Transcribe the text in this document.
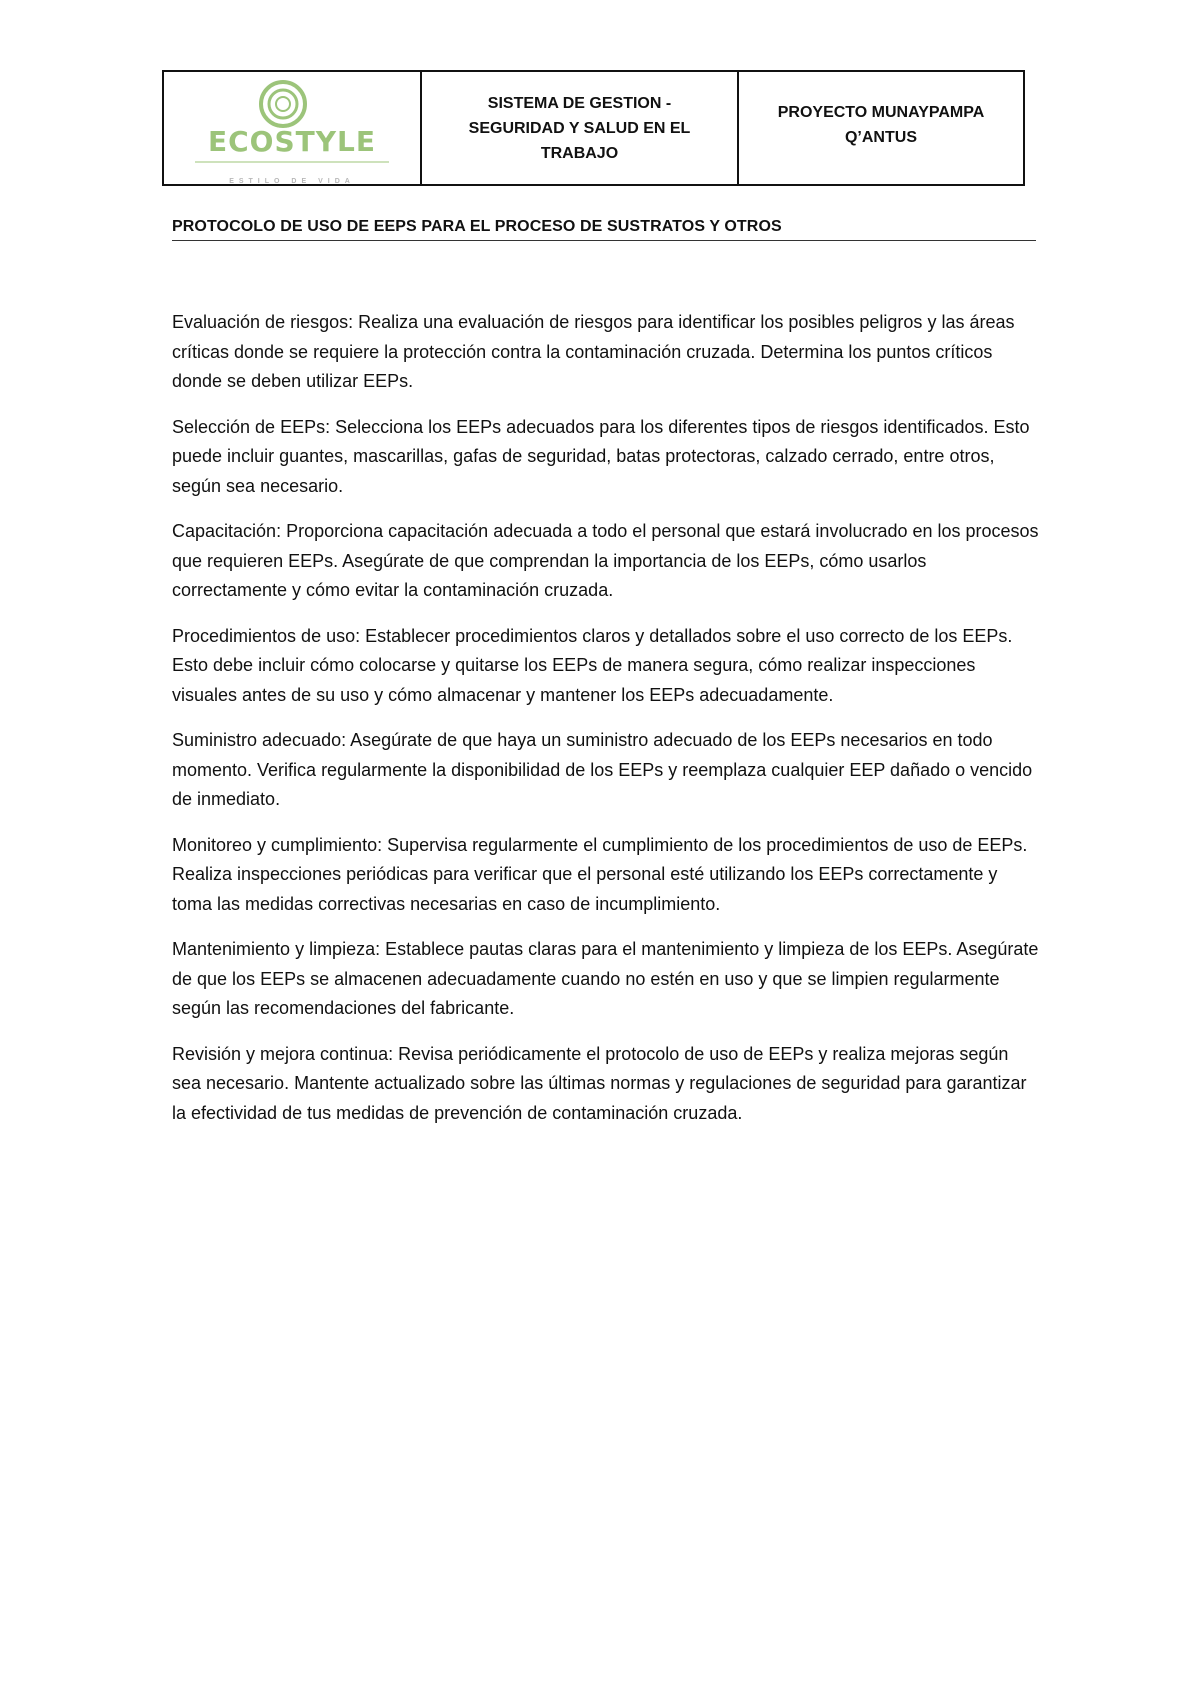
ECOSTYLE
ESTILO DE VIDA
SISTEMA DE GESTION -
SEGURIDAD Y SALUD EN EL
TRABAJO
PROYECTO MUNAYPAMPA
Q’ANTUS
PROTOCOLO DE USO DE EEPS PARA EL PROCESO DE SUSTRATOS Y OTROS

Evaluación de riesgos: Realiza una evaluación de riesgos para identificar los posibles peligros y las áreas críticas donde se requiere la protección contra la contaminación cruzada. Determina los puntos críticos donde se deben utilizar EEPs.

Selección de EEPs: Selecciona los EEPs adecuados para los diferentes tipos de riesgos identificados. Esto puede incluir guantes, mascarillas, gafas de seguridad, batas protectoras, calzado cerrado, entre otros, según sea necesario.

Capacitación: Proporciona capacitación adecuada a todo el personal que estará involucrado en los procesos que requieren EEPs. Asegúrate de que comprendan la importancia de los EEPs, cómo usarlos correctamente y cómo evitar la contaminación cruzada.

Procedimientos de uso: Establecer procedimientos claros y detallados sobre el uso correcto de los EEPs. Esto debe incluir cómo colocarse y quitarse los EEPs de manera segura, cómo realizar inspecciones visuales antes de su uso y cómo almacenar y mantener los EEPs adecuadamente.

Suministro adecuado: Asegúrate de que haya un suministro adecuado de los EEPs necesarios en todo momento. Verifica regularmente la disponibilidad de los EEPs y reemplaza cualquier EEP dañado o vencido de inmediato.

Monitoreo y cumplimiento: Supervisa regularmente el cumplimiento de los procedimientos de uso de EEPs. Realiza inspecciones periódicas para verificar que el personal esté utilizando los EEPs correctamente y toma las medidas correctivas necesarias en caso de incumplimiento.

Mantenimiento y limpieza: Establece pautas claras para el mantenimiento y limpieza de los EEPs. Asegúrate de que los EEPs se almacenen adecuadamente cuando no estén en uso y que se limpien regularmente según las recomendaciones del fabricante.

Revisión y mejora continua: Revisa periódicamente el protocolo de uso de EEPs y realiza mejoras según sea necesario. Mantente actualizado sobre las últimas normas y regulaciones de seguridad para garantizar la efectividad de tus medidas de prevención de contaminación cruzada.
